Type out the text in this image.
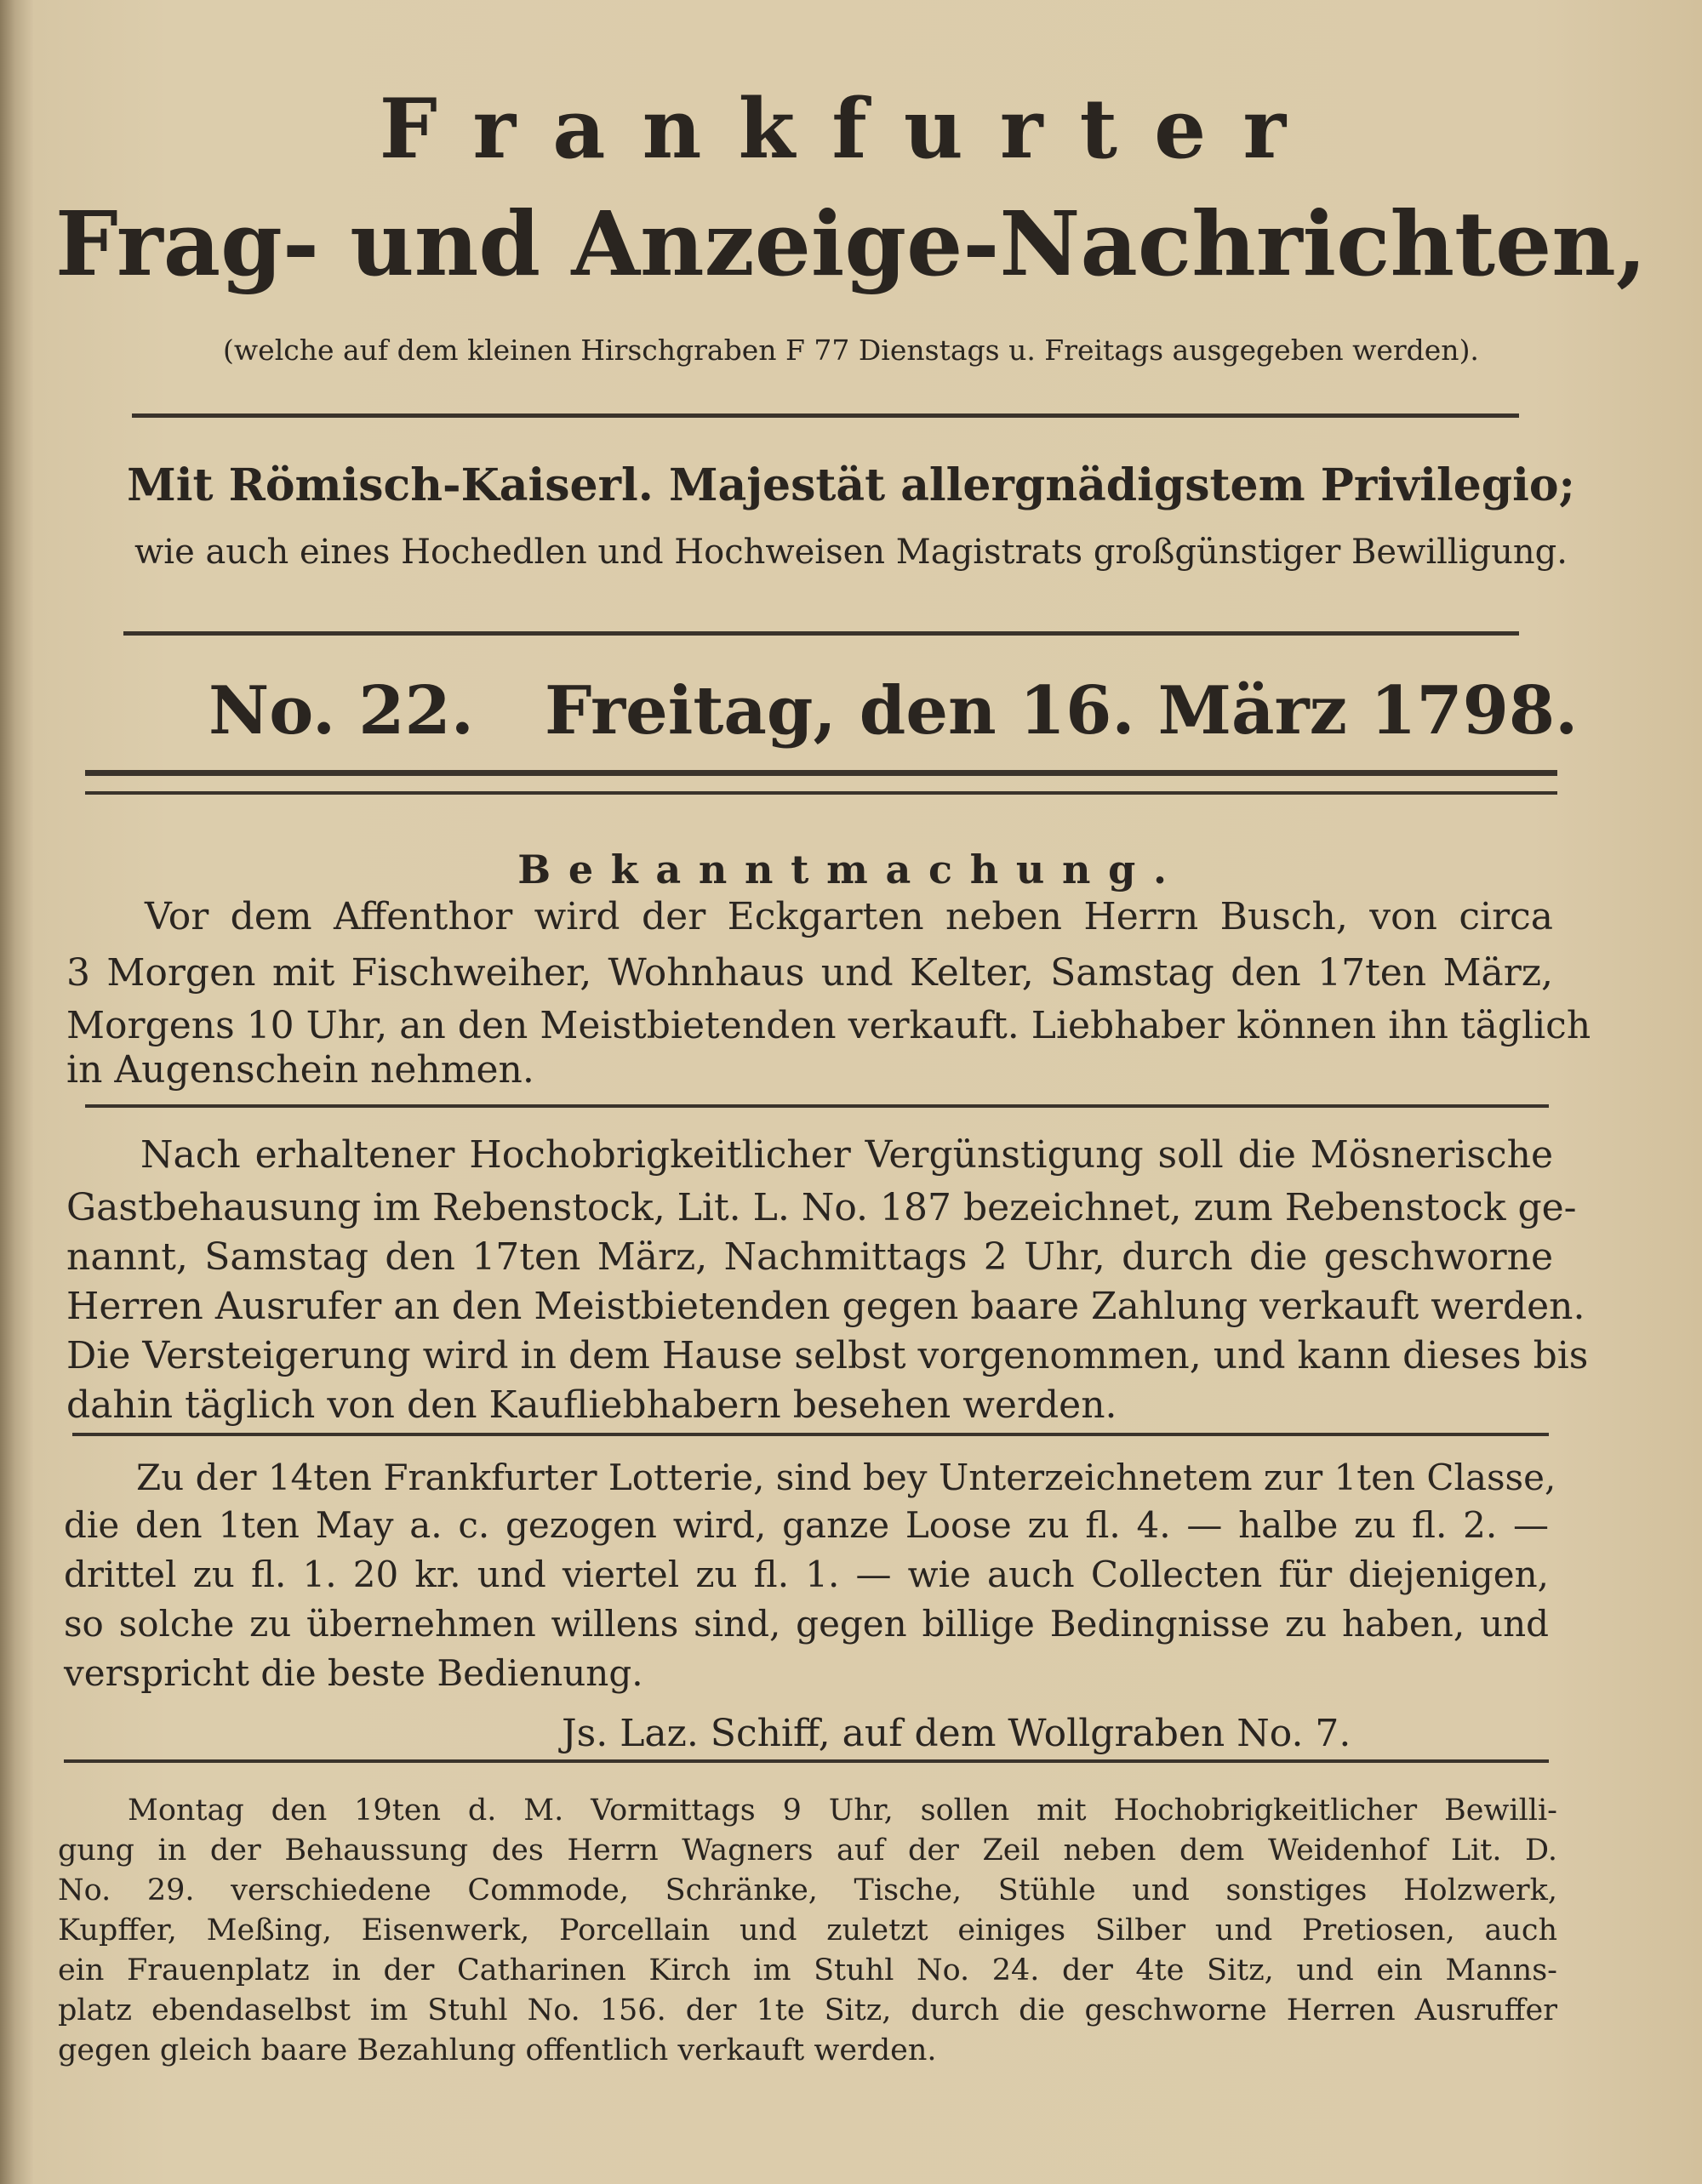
Frankfurter
Frag- und Anzeige-Nachrichten,
(welche auf dem kleinen Hirschgraben F 77 Dienstags u. Freitags ausgegeben werden).
Mit Römisch-Kaiserl. Majestät allergnädigstem Privilegio;
wie auch eines Hochedlen und Hochweisen Magistrats großgünstiger Bewilligung.
No. 22. Freitag, den 16. März 1798.
Bekanntmachung.
Vor dem Affenthor wird der Eckgarten neben Herrn Busch, von circa
3 Morgen mit Fischweiher, Wohnhaus und Kelter, Samstag den 17ten März,
Morgens 10 Uhr, an den Meistbietenden verkauft. Liebhaber können ihn täglich
in Augenschein nehmen.
Nach erhaltener Hochobrigkeitlicher Vergünstigung soll die Mösnerische
Gastbehausung im Rebenstock, Lit. L. No. 187 bezeichnet, zum Rebenstock ge-
nannt, Samstag den 17ten März, Nachmittags 2 Uhr, durch die geschworne
Herren Ausrufer an den Meistbietenden gegen baare Zahlung verkauft werden.
Die Versteigerung wird in dem Hause selbst vorgenommen, und kann dieses bis
dahin täglich von den Kaufliebhabern besehen werden.
Zu der 14ten Frankfurter Lotterie, sind bey Unterzeichnetem zur 1ten Classe,
die den 1ten May a. c. gezogen wird, ganze Loose zu fl. 4. — halbe zu fl. 2. —
drittel zu fl. 1. 20 kr. und viertel zu fl. 1. — wie auch Collecten für diejenigen,
so solche zu übernehmen willens sind, gegen billige Bedingnisse zu haben, und
verspricht die beste Bedienung.
Js. Laz. Schiff, auf dem Wollgraben No. 7.
Montag den 19ten d. M. Vormittags 9 Uhr, sollen mit Hochobrigkeitlicher Bewilli-
gung in der Behaussung des Herrn Wagners auf der Zeil neben dem Weidenhof Lit. D.
No. 29. verschiedene Commode, Schränke, Tische, Stühle und sonstiges Holzwerk,
Kupffer, Meßing, Eisenwerk, Porcellain und zuletzt einiges Silber und Pretiosen, auch
ein Frauenplatz in der Catharinen Kirch im Stuhl No. 24. der 4te Sitz, und ein Manns-
platz ebendaselbst im Stuhl No. 156. der 1te Sitz, durch die geschworne Herren Ausruffer
gegen gleich baare Bezahlung offentlich verkauft werden.
